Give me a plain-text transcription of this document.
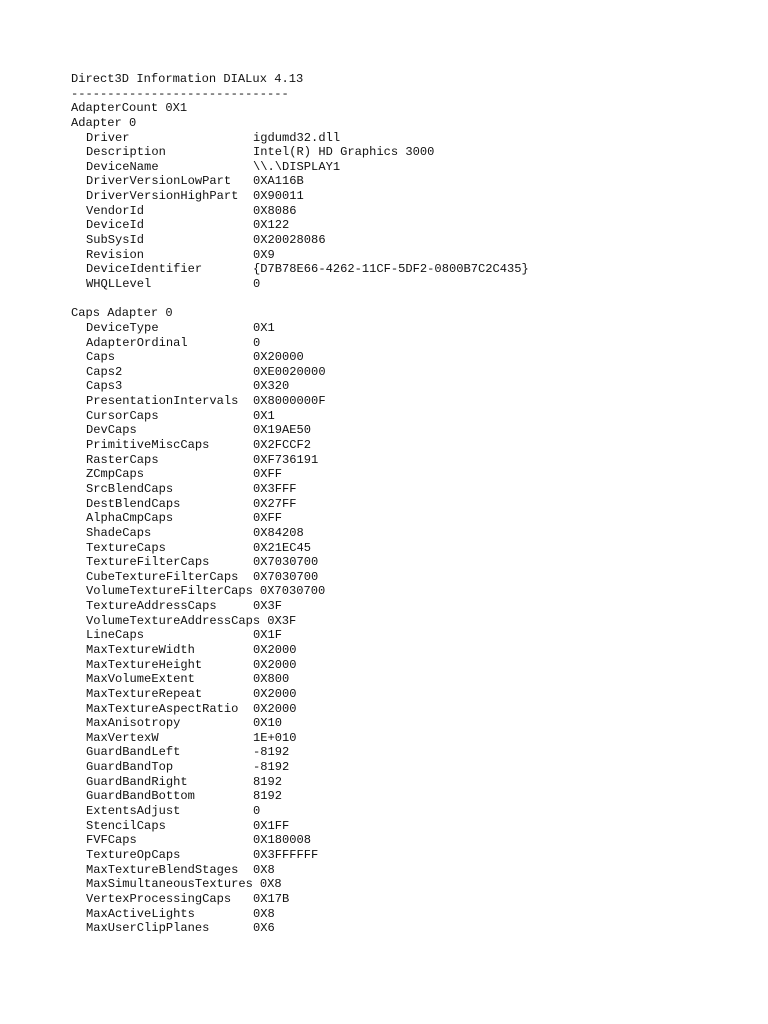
Direct3D Information DIALux 4.13
------------------------------
AdapterCount 0X1
Adapter 0
Driver	igdumd32.dll
Description	Intel(R) HD Graphics 3000
DeviceName	\\.\DISPLAY1
DriverVersionLowPart 0XA116B
DriverVersionHighPart 0X90011
VendorId	0X8086
DeviceId	0X122
SubSysId	0X20028086
Revision	0X9
DeviceIdentifier	{D7B78E66-4262-11CF-5DF2-0800B7C2C435}
WHQLLevel	0
Caps Adapter 0
DeviceType	0X1
AdapterOrdinal	0
Caps	0X20000
Caps2	0XE0020000
Caps3	0X320
PresentationIntervals 0X8000000F
CursorCaps	0X1
DevCaps	0X19AE50
PrimitiveMiscCaps	0X2FCCF2
RasterCaps	0XF736191
ZCmpCaps	0XFF
SrcBlendCaps	0X3FFF
DestBlendCaps	0X27FF
AlphaCmpCaps	0XFF
ShadeCaps	0X84208
TextureCaps	0X21EC45
TextureFilterCaps	0X7030700
CubeTextureFilterCaps 0X7030700
VolumeTextureFilterCaps 0X7030700
TextureAddressCaps	0X3F
VolumeTextureAddressCaps 0X3F
LineCaps	0X1F
MaxTextureWidth	0X2000
MaxTextureHeight	0X2000
MaxVolumeExtent	0X800
MaxTextureRepeat	0X2000
MaxTextureAspectRatio 0X2000
MaxAnisotropy	0X10
MaxVertexW	1E+010
GuardBandLeft	-8192
GuardBandTop	-8192
GuardBandRight	8192
GuardBandBottom	8192
ExtentsAdjust	0
StencilCaps	0X1FF
FVFCaps	0X180008
TextureOpCaps	0X3FFFFFF
MaxTextureBlendStages 0X8
MaxSimultaneousTextures 0X8
VertexProcessingCaps 0X17B
MaxActiveLights	0X8
MaxUserClipPlanes	0X6
